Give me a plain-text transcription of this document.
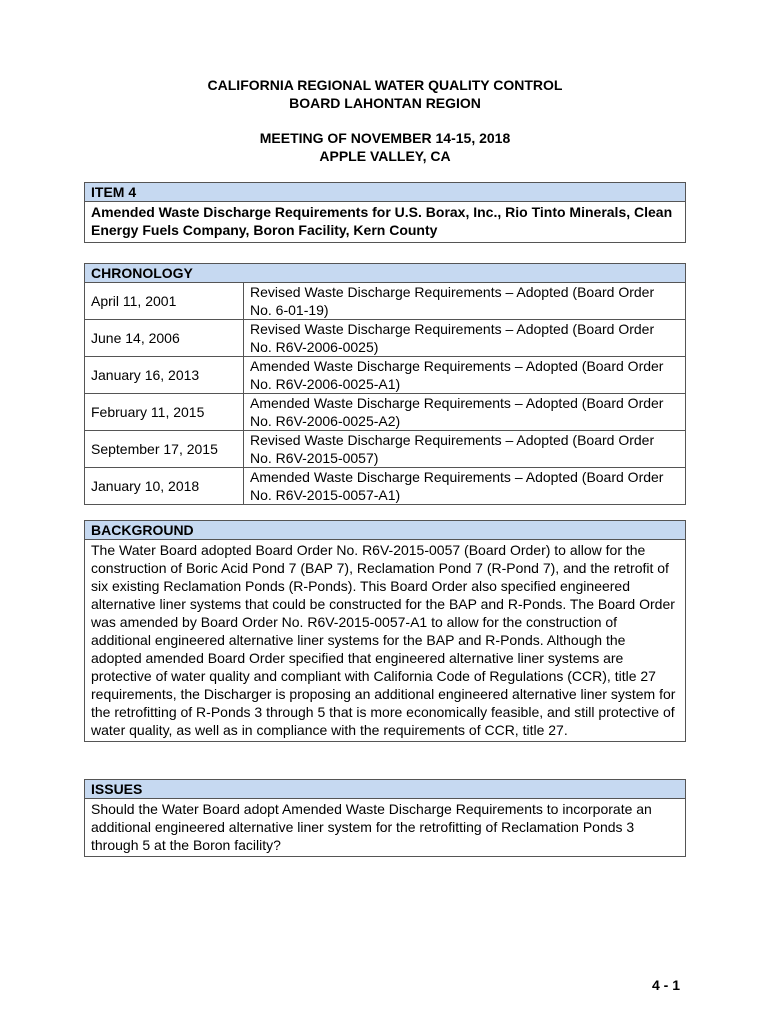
CALIFORNIA REGIONAL WATER QUALITY CONTROL
BOARD LAHONTAN REGION
MEETING OF NOVEMBER 14-15, 2018
APPLE VALLEY, CA
ITEM 4
Amended Waste Discharge Requirements for U.S. Borax, Inc., Rio Tinto Minerals, Clean Energy Fuels Company, Boron Facility, Kern County
CHRONOLOGY
April 11, 2001	Revised Waste Discharge Requirements – Adopted (Board Order No. 6-01-19)
June 14, 2006	Revised Waste Discharge Requirements – Adopted (Board Order No. R6V-2006-0025)
January 16, 2013	Amended Waste Discharge Requirements – Adopted (Board Order No. R6V-2006-0025-A1)
February 11, 2015	Amended Waste Discharge Requirements – Adopted (Board Order No. R6V-2006-0025-A2)
September 17, 2015	Revised Waste Discharge Requirements – Adopted (Board Order No. R6V-2015-0057)
January 10, 2018	Amended Waste Discharge Requirements – Adopted (Board Order No. R6V-2015-0057-A1)
BACKGROUND
The Water Board adopted Board Order No. R6V-2015-0057 (Board Order) to allow for the construction of Boric Acid Pond 7 (BAP 7), Reclamation Pond 7 (R-Pond 7), and the retrofit of six existing Reclamation Ponds (R-Ponds). This Board Order also specified engineered alternative liner systems that could be constructed for the BAP and R-Ponds. The Board Order was amended by Board Order No. R6V-2015-0057-A1 to allow for the construction of additional engineered alternative liner systems for the BAP and R-Ponds. Although the adopted amended Board Order specified that engineered alternative liner systems are protective of water quality and compliant with California Code of Regulations (CCR), title 27 requirements, the Discharger is proposing an additional engineered alternative liner system for the retrofitting of R-Ponds 3 through 5 that is more economically feasible, and still protective of water quality, as well as in compliance with the requirements of CCR, title 27.
ISSUES
Should the Water Board adopt Amended Waste Discharge Requirements to incorporate an additional engineered alternative liner system for the retrofitting of Reclamation Ponds 3 through 5 at the Boron facility?
4 - 1
